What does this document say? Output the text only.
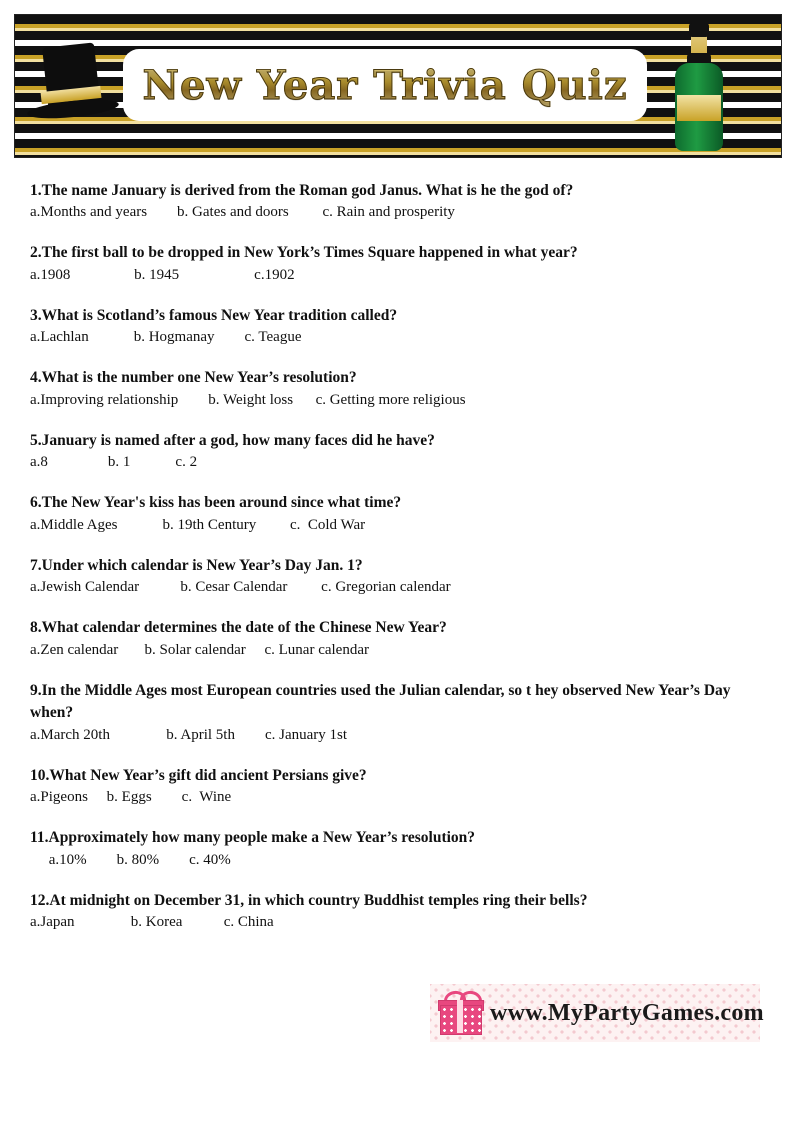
New Year Trivia Quiz

1.The name January is derived from the Roman god Janus. What is he the god of?

a.Months and years        b. Gates and doors         c. Rain and prosperity

2.The first ball to be dropped in New York’s Times Square happened in what year?

a.1908                 b. 1945                    c.1902

3.What is Scotland’s famous New Year tradition called?

a.Lachlan            b. Hogmanay        c. Teague

4.What is the number one New Year’s resolution?

a.Improving relationship        b. Weight loss      c. Getting more religious

5.January is named after a god, how many faces did he have?

a.8                b. 1            c. 2

6.The New Year's kiss has been around since what time?

a.Middle Ages            b. 19th Century         c.  Cold War

7.Under which calendar is New Year’s Day Jan. 1?

a.Jewish Calendar           b. Cesar Calendar         c. Gregorian calendar

8.What calendar determines the date of the Chinese New Year?

a.Zen calendar       b. Solar calendar     c. Lunar calendar

9.In the Middle Ages most European countries used the Julian calendar, so t hey observed New Year’s Day when?

a.March 20th               b. April 5th        c. January 1st

10.What New Year’s gift did ancient Persians give?

a.Pigeons     b. Eggs        c.  Wine

11.Approximately how many people make a New Year’s resolution?

a.10%        b. 80%        c. 40%

12.At midnight on December 31, in which country Buddhist temples ring their bells?

a.Japan               b. Korea           c. China

www.MyPartyGames.com
